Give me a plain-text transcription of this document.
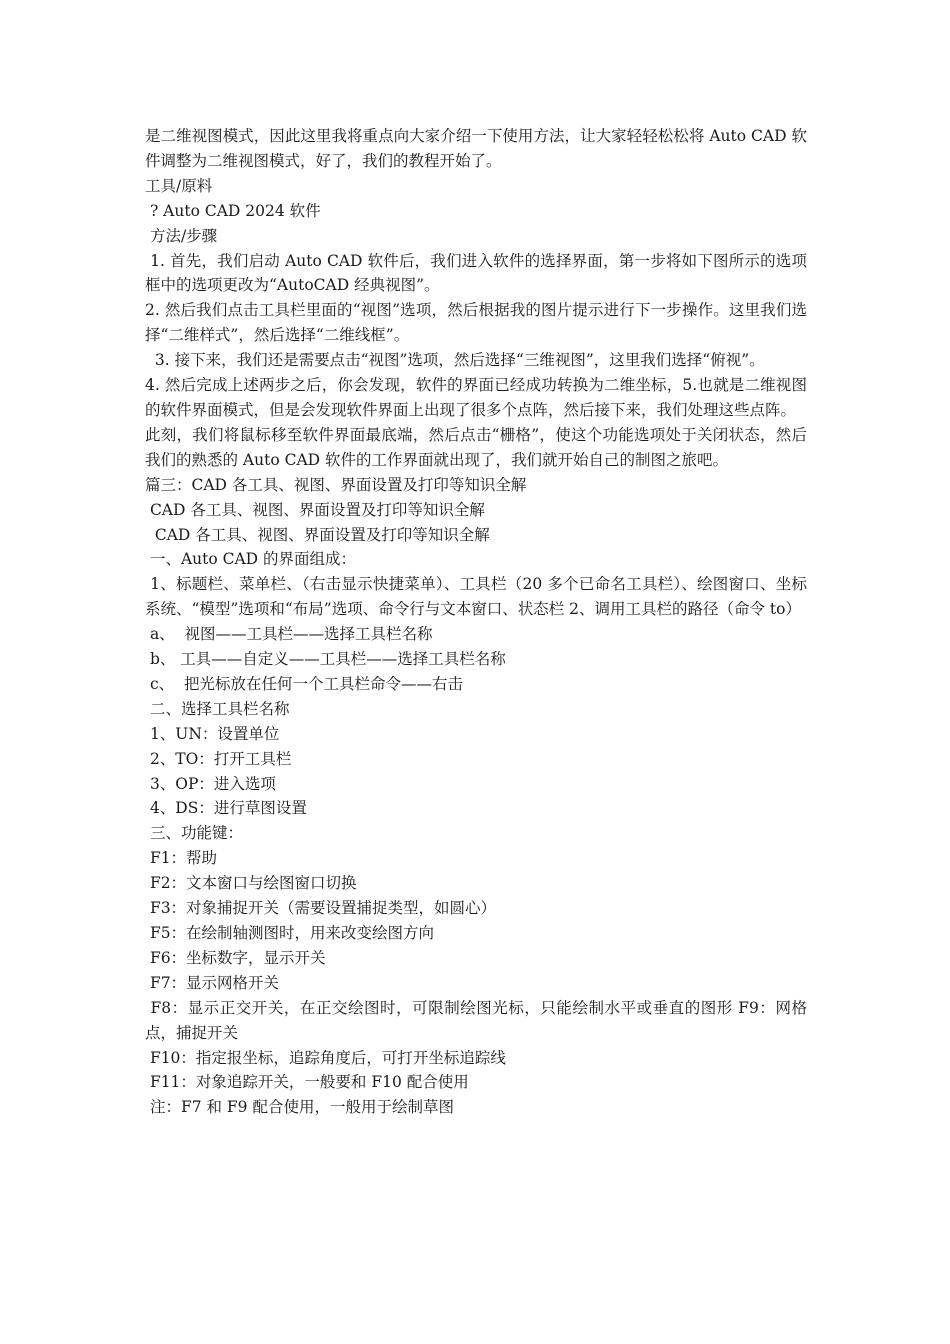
是二维视图模式，因此这里我将重点向大家介绍一下使用方法，让大家轻轻松松将 Auto CAD 软件调整为二维视图模式，好了，我们的教程开始了。

工具/原料

? Auto CAD 2024 软件

方法/步骤

1. 首先，我们启动 Auto CAD 软件后，我们进入软件的选择界面，第一步将如下图所示的选项框中的选项更改为“AutoCAD 经典视图”。

2. 然后我们点击工具栏里面的“视图”选项，然后根据我的图片提示进行下一步操作。这里我们选择“二维样式”，然后选择“二维线框”。

3. 接下来，我们还是需要点击“视图”选项，然后选择“三维视图”，这里我们选择“俯视”。

4. 然后完成上述两步之后，你会发现，软件的界面已经成功转换为二维坐标，5.也就是二维视图的软件界面模式，但是会发现软件界面上出现了很多个点阵，然后接下来，我们处理这些点阵。

此刻，我们将鼠标移至软件界面最底端，然后点击“栅格”，使这个功能选项处于关闭状态，然后我们的熟悉的 Auto CAD 软件的工作界面就出现了，我们就开始自己的制图之旅吧。

篇三：CAD 各工具、视图、界面设置及打印等知识全解

CAD 各工具、视图、界面设置及打印等知识全解

CAD 各工具、视图、界面设置及打印等知识全解

一、Auto CAD 的界面组成：

1、标题栏、菜单栏、（右击显示快捷菜单）、工具栏（20 多个已命名工具栏）、绘图窗口、坐标系统、“模型”选项和“布局”选项、命令行与文本窗口、状态栏 2、调用工具栏的路径（命令 to）

a、  视图——工具栏——选择工具栏名称

b、 工具——自定义——工具栏——选择工具栏名称

c、  把光标放在任何一个工具栏命令——右击

二、选择工具栏名称

1、UN：设置单位

2、TO：打开工具栏

3、OP：进入选项

4、DS：进行草图设置

三、功能键：

F1：帮助

F2：文本窗口与绘图窗口切换

F3：对象捕捉开关（需要设置捕捉类型，如圆心）

F5：在绘制轴测图时，用来改变绘图方向

F6：坐标数字，显示开关

F7：显示网格开关

F8：显示正交开关，在正交绘图时，可限制绘图光标，只能绘制水平或垂直的图形 F9：网格点，捕捉开关

F10：指定报坐标，追踪角度后，可打开坐标追踪线

F11：对象追踪开关，一般要和 F10 配合使用

注：F7 和 F9 配合使用，一般用于绘制草图
